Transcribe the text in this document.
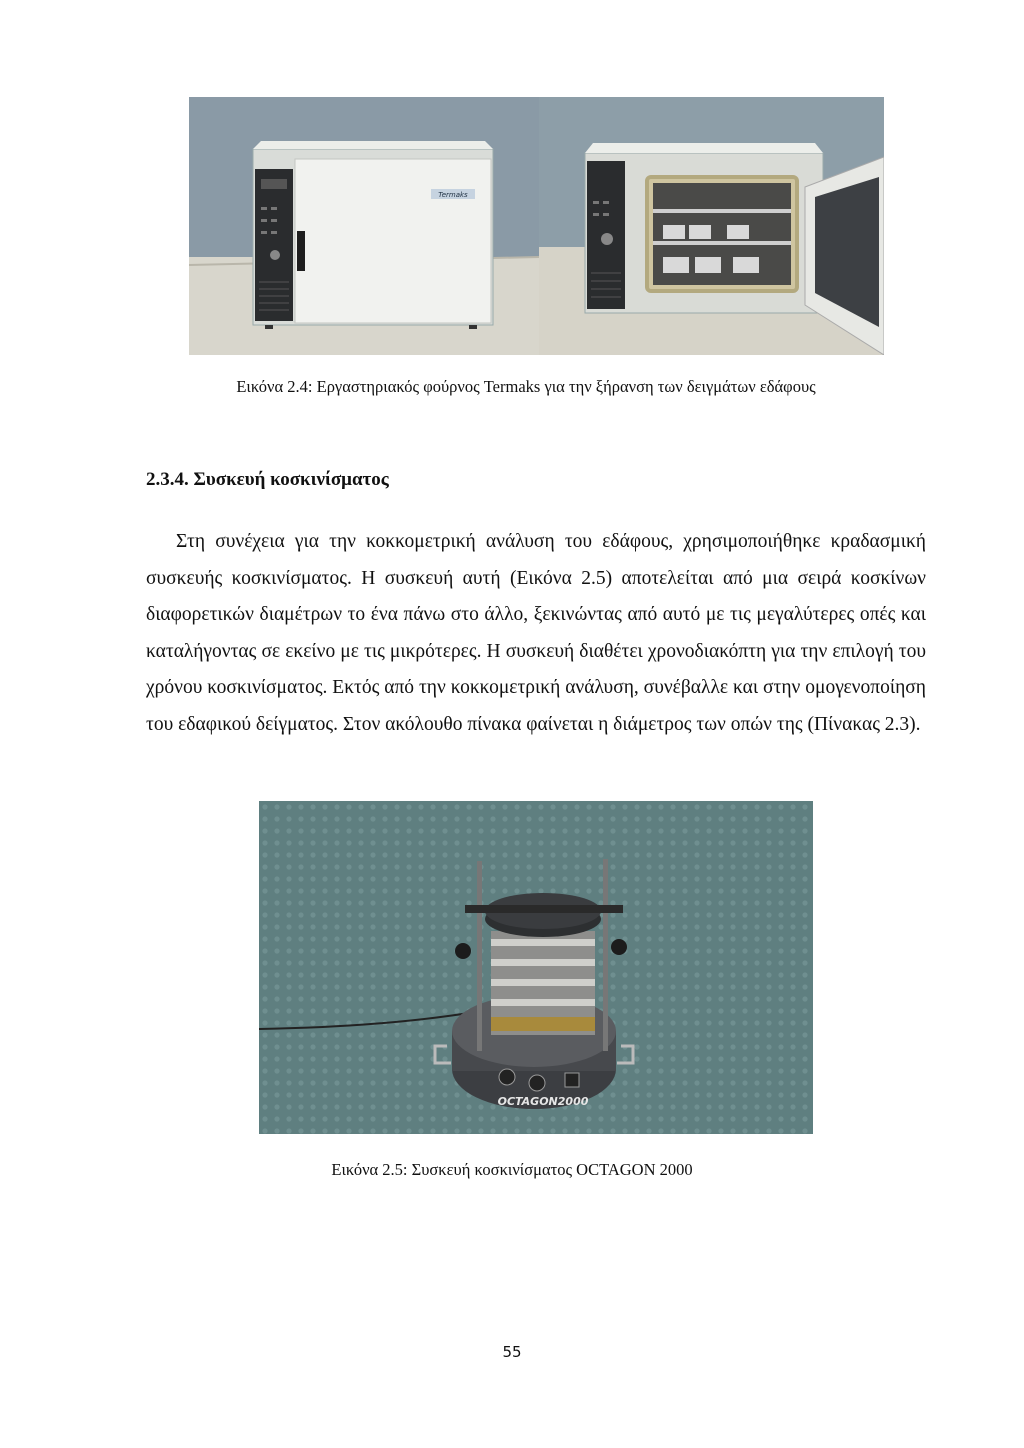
Termaks
Εικόνα 2.4: Εργαστηριακός φούρνος Termaks για την ξήρανση των δειγμάτων εδάφους
2.3.4. Συσκευή κοσκινίσματος

Στη συνέχεια για την κοκκομετρική ανάλυση του εδάφους, χρησιμοποιήθηκε κραδασμική συσκευής κοσκινίσματος. Η συσκευή αυτή (Εικόνα 2.5) αποτελείται από μια σειρά κοσκίνων διαφορετικών διαμέτρων το ένα πάνω στο άλλο, ξεκινώντας από αυτό με τις μεγαλύτερες οπές και καταλήγοντας σε εκείνο με τις μικρότερες. Η συσκευή διαθέτει χρονοδιακόπτη για την επιλογή του χρόνου κοσκινίσματος. Εκτός από την κοκκομετρική ανάλυση, συνέβαλλε και στην ομογενοποίηση του εδαφικού δείγματος. Στον ακόλουθο πίνακα φαίνεται η διάμετρος των οπών της (Πίνακας 2.3).

OCTAGON2000
Εικόνα 2.5: Συσκευή κοσκινίσματος OCTAGON 2000
55
